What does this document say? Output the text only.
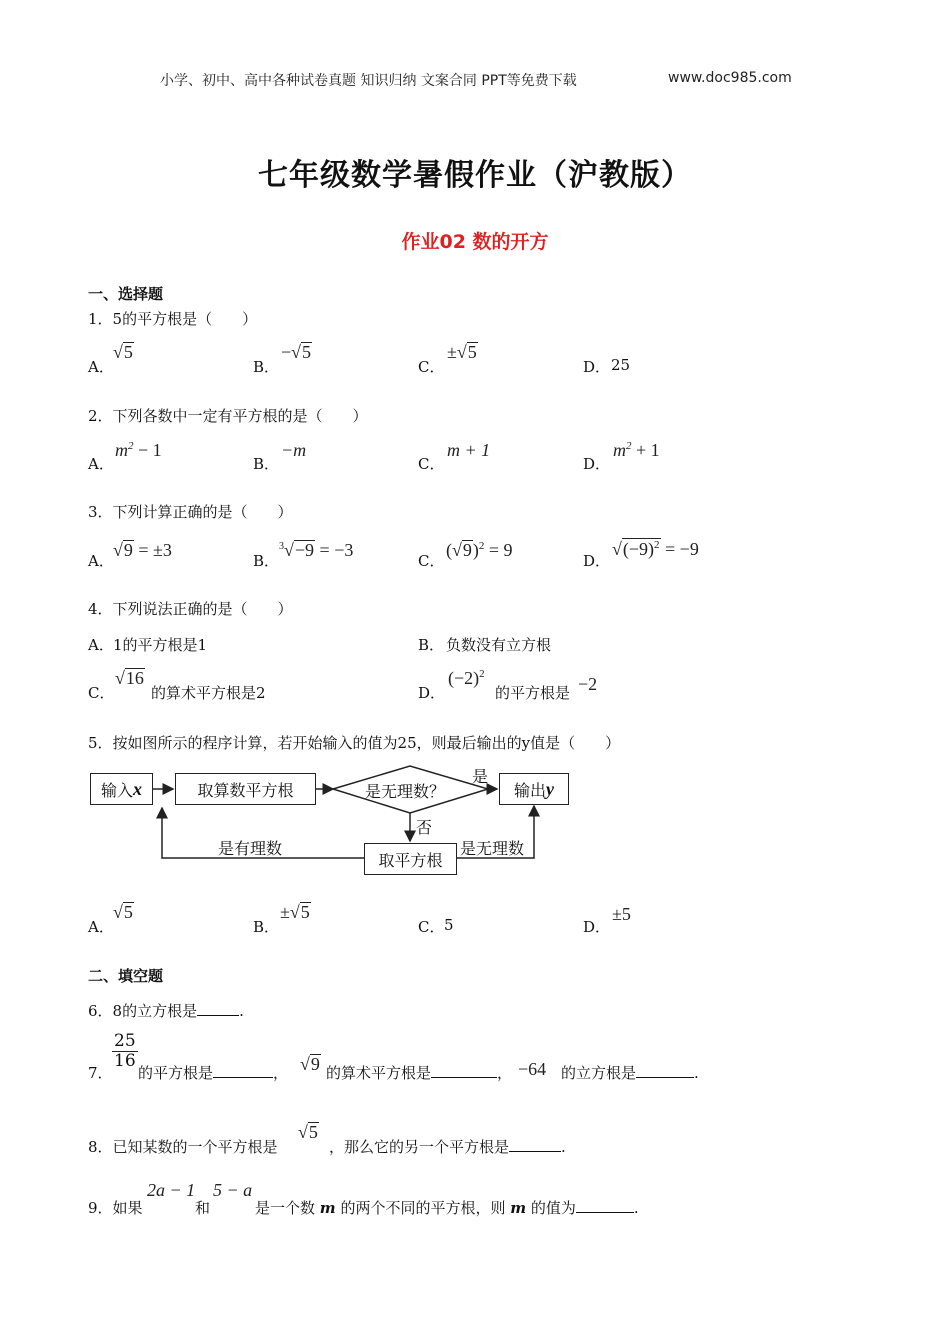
小学、初中、高中各种试卷真题 知识归纳 文案合同 PPT等免费下载	www.doc985.com
七年级数学暑假作业（沪教版）
作业02 数的开方
一、选择题
1．5的平方根是（　　）
A．
√5
B．
−√5
C．
±√5
D． 25
2．下列各数中一定有平方根的是（　　）
A．
$m^2 - 1$
B．
−m
C．
m + 1
D．
$m^2 + 1$
3．下列计算正确的是（　　）
A．
√9 = ±3
B．
$^3$√−9 = −3
C．
$(√9)^2 = 9$
D．
$√(-9)^2 = -9$
4．下列说法正确的是（　　）
A． 1的平方根是1	B． 负数没有立方根
C．
√16
的算术平方根是2	D．
$(-2)^2$
的平方根是 −2
5．按如图所示的程序计算，若开始输入的值为25，则最后输出的y值是（　　）
输入 x	取算数平方根	是无理数？
是
否
输出 y
取平方根
是有理数	是无理数
A．
√5
B．
±√5
C． 5	D．
±5
二、填空题
6．8的立方根是	.
7．
$\frac{25}{16}$
的平方根是	， √9 的算术平方根是	， −64 的立方根是	.
8．已知某数的一个平方根是
√5
，那么它的另一个平方根是	.
9．如果
2a − 1
和
5 − a
是一个数 m 的两个不同的平方根，则 m 的值为	.
